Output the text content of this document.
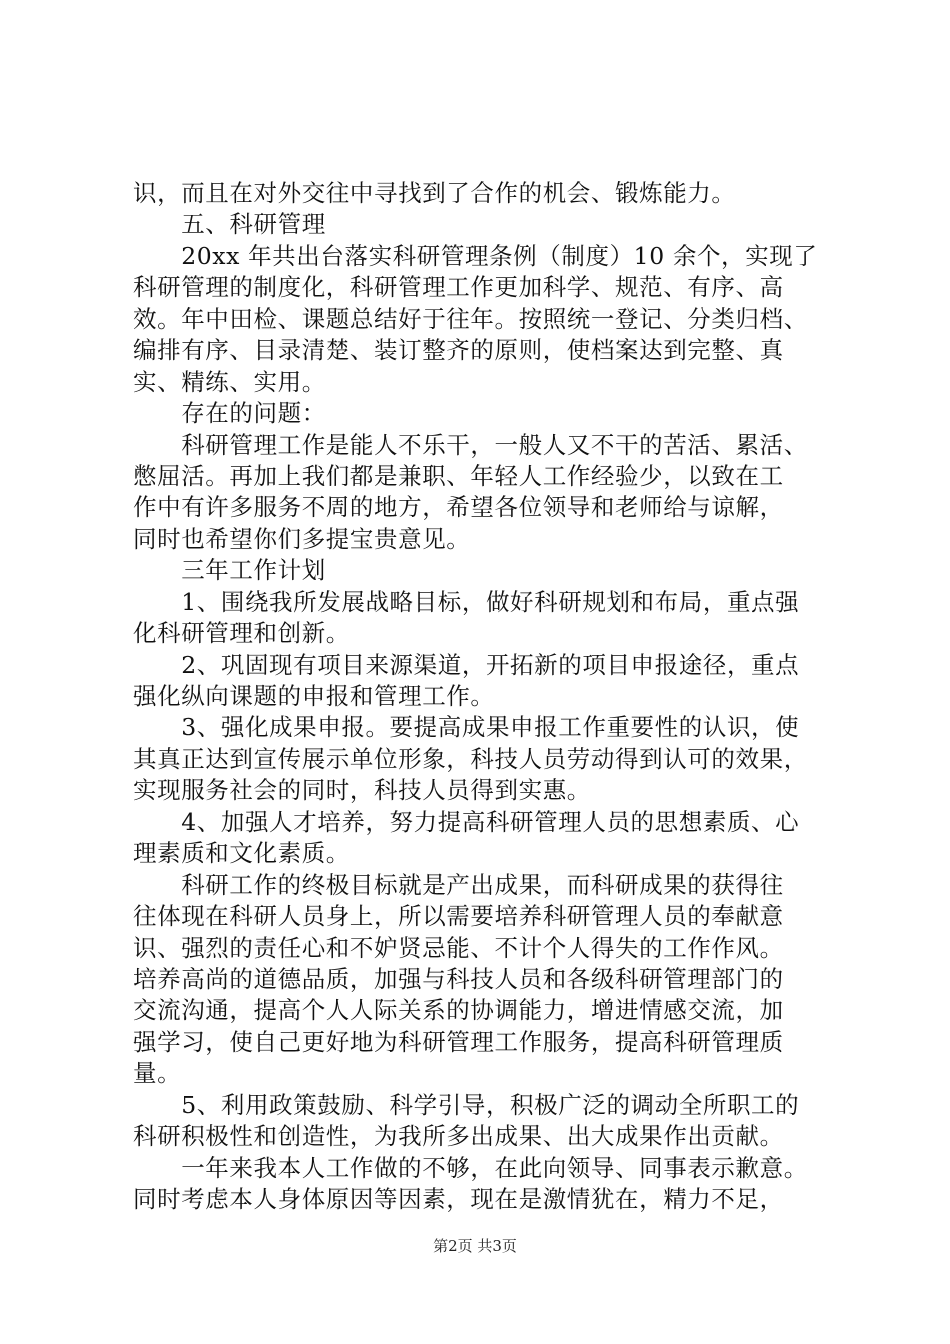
识，而且在对外交往中寻找到了合作的机会、锻炼能力。
　　五、科研管理
　　20xx 年共出台落实科研管理条例（制度）10 余个，实现了
科研管理的制度化，科研管理工作更加科学、规范、有序、高
效。年中田检、课题总结好于往年。按照统一登记、分类归档、
编排有序、目录清楚、装订整齐的原则，使档案达到完整、真
实、精练、实用。
　　存在的问题：
　　科研管理工作是能人不乐干，一般人又不干的苦活、累活、
憋屈活。再加上我们都是兼职、年轻人工作经验少，以致在工
作中有许多服务不周的地方，希望各位领导和老师给与谅解，
同时也希望你们多提宝贵意见。
　　三年工作计划
　　1、围绕我所发展战略目标，做好科研规划和布局，重点强
化科研管理和创新。
　　2、巩固现有项目来源渠道，开拓新的项目申报途径，重点
强化纵向课题的申报和管理工作。
　　3、强化成果申报。要提高成果申报工作重要性的认识，使
其真正达到宣传展示单位形象，科技人员劳动得到认可的效果，
实现服务社会的同时，科技人员得到实惠。
　　4、加强人才培养，努力提高科研管理人员的思想素质、心
理素质和文化素质。
　　科研工作的终极目标就是产出成果，而科研成果的获得往
往体现在科研人员身上，所以需要培养科研管理人员的奉献意
识、强烈的责任心和不妒贤忌能、不计个人得失的工作作风。
培养高尚的道德品质，加强与科技人员和各级科研管理部门的
交流沟通，提高个人人际关系的协调能力，增进情感交流，加
强学习，使自己更好地为科研管理工作服务，提高科研管理质
量。
　　5、利用政策鼓励、科学引导，积极广泛的调动全所职工的
科研积极性和创造性，为我所多出成果、出大成果作出贡献。
　　一年来我本人工作做的不够，在此向领导、同事表示歉意。
同时考虑本人身体原因等因素，现在是激情犹在，精力不足，
第2页 共3页
